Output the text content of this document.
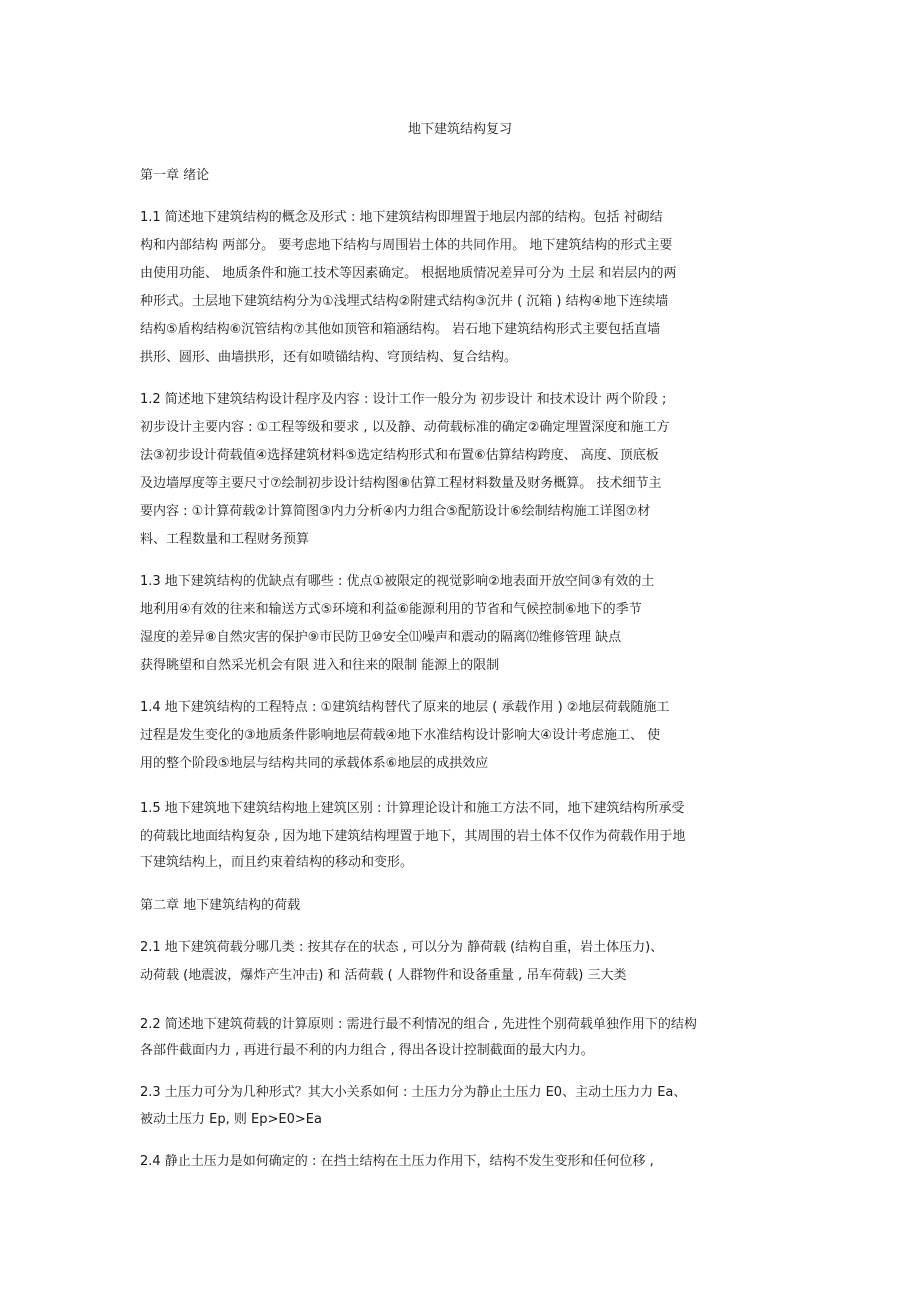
地下建筑结构复习
第一章 绪论
1.1 简述地下建筑结构的概念及形式 : 地下建筑结构即埋置于地层内部的结构。包括 衬砌结
构和内部结构 两部分。 要考虑地下结构与周围岩土体的共同作用。 地下建筑结构的形式主要
由使用功能、 地质条件和施工技术等因素确定。 根据地质情况差异可分为 土层 和岩层内的两
种形式。土层地下建筑结构分为①浅埋式结构②附建式结构③沉井 ( 沉箱 ) 结构④地下连续墙
结构⑤盾构结构⑥沉管结构⑦其他如顶管和箱涵结构。 岩石地下建筑结构形式主要包括直墙
拱形、圆形、曲墙拱形，还有如喷锚结构、穹顶结构、复合结构。
1.2 简述地下建筑结构设计程序及内容 : 设计工作一般分为 初步设计 和技术设计 两个阶段 ;
初步设计主要内容 : ①工程等级和要求 , 以及静、动荷载标准的确定②确定埋置深度和施工方
法③初步设计荷载值④选择建筑材料⑤选定结构形式和布置⑥估算结构跨度、 高度、顶底板
及边墙厚度等主要尺寸⑦绘制初步设计结构图⑧估算工程材料数量及财务概算。 技术细节主
要内容 : ①计算荷载②计算简图③内力分析④内力组合⑤配筋设计⑥绘制结构施工详图⑦材
料、工程数量和工程财务预算
1.3 地下建筑结构的优缺点有哪些 : 优点①被限定的视觉影响②地表面开放空间③有效的土
地利用④有效的往来和输送方式⑤环境和利益⑥能源利用的节省和气候控制⑥地下的季节
湿度的差异⑧自然灾害的保护⑨市民防卫⑩安全⑾噪声和震动的隔离⑿维修管理 缺点
获得眺望和自然采光机会有限 进入和往来的限制 能源上的限制
1.4 地下建筑结构的工程特点 : ①建筑结构替代了原来的地层 ( 承载作用 ) ②地层荷载随施工
过程是发生变化的③地质条件影响地层荷载④地下水准结构设计影响大④设计考虑施工、 使
用的整个阶段⑤地层与结构共同的承载体系⑥地层的成拱效应
1.5 地下建筑地下建筑结构地上建筑区别 : 计算理论设计和施工方法不同，地下建筑结构所承受
的荷载比地面结构复杂 , 因为地下建筑结构埋置于地下，其周围的岩土体不仅作为荷载作用于地
下建筑结构上，而且约束着结构的移动和变形。
第二章 地下建筑结构的荷载
2.1 地下建筑荷载分哪几类 : 按其存在的状态 , 可以分为 静荷载 (结构自重，岩土体压力)、
动荷载 (地震波，爆炸产生冲击) 和 活荷载 ( 人群物件和设备重量 , 吊车荷载) 三大类
2.2 简述地下建筑荷载的计算原则 : 需进行最不利情况的组合 , 先进性个别荷载单独作用下的结构
各部件截面内力 , 再进行最不利的内力组合 , 得出各设计控制截面的最大内力。
2.3 土压力可分为几种形式？其大小关系如何 : 土压力分为静止土压力 E0、主动土压力力 Ea、
被动土压力 Ep, 则 Ep>E0>Ea
2.4 静止土压力是如何确定的 : 在挡土结构在土压力作用下，结构不发生变形和任何位移 ,
